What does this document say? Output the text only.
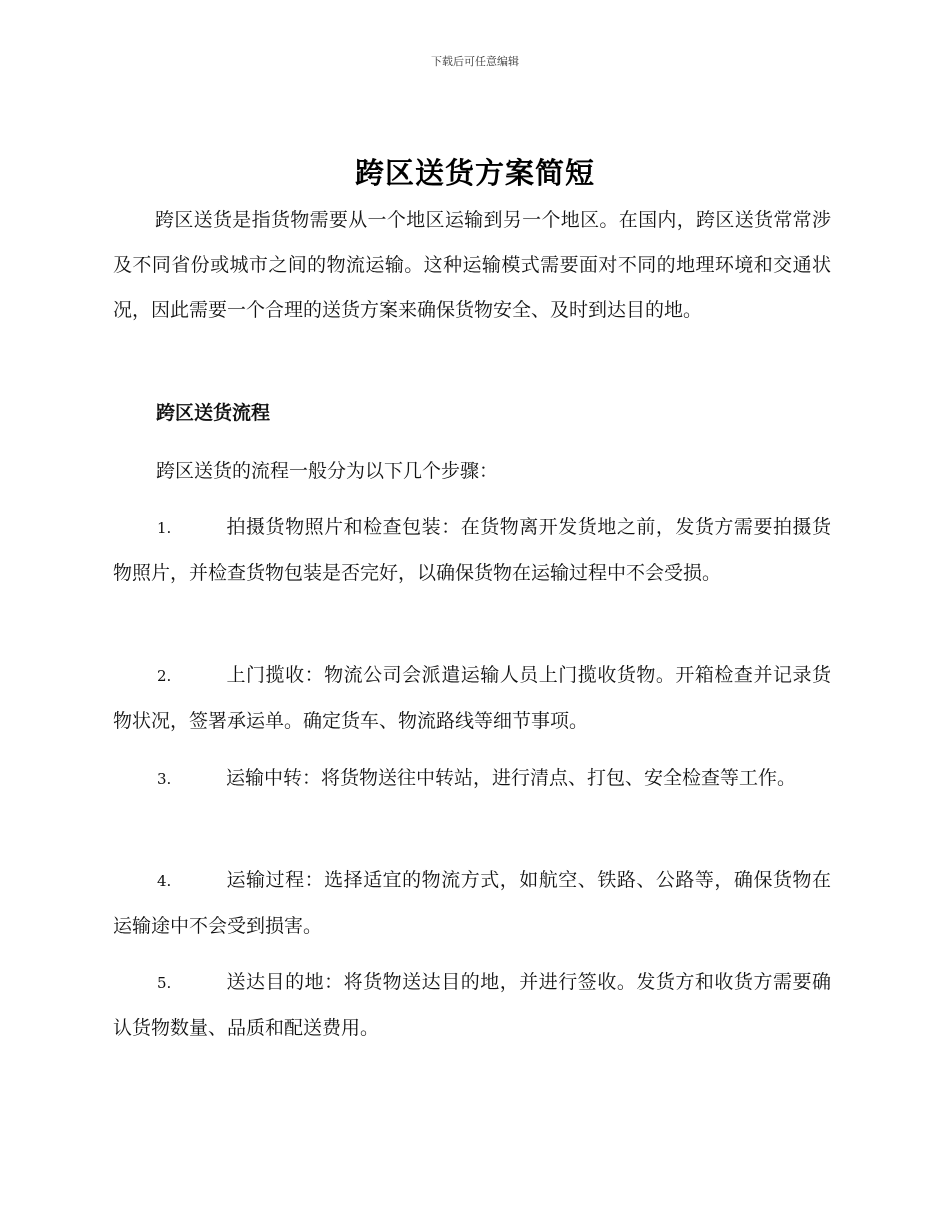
下载后可任意编辑
跨区送货方案简短
跨区送货是指货物需要从一个地区运输到另一个地区。在国内，跨区送货常常涉及不同省份或城市之间的物流运输。这种运输模式需要面对不同的地理环境和交通状况，因此需要一个合理的送货方案来确保货物安全、及时到达目的地。
跨区送货流程
跨区送货的流程一般分为以下几个步骤：
1.	拍摄货物照片和检查包装：在货物离开发货地之前，发货方需要拍摄货物照片，并检查货物包装是否完好，以确保货物在运输过程中不会受损。
2.	上门揽收：物流公司会派遣运输人员上门揽收货物。开箱检查并记录货物状况，签署承运单。确定货车、物流路线等细节事项。
3.	运输中转：将货物送往中转站，进行清点、打包、安全检查等工作。
4.	运输过程：选择适宜的物流方式，如航空、铁路、公路等，确保货物在运输途中不会受到损害。
5.	送达目的地：将货物送达目的地，并进行签收。发货方和收货方需要确认货物数量、品质和配送费用。
